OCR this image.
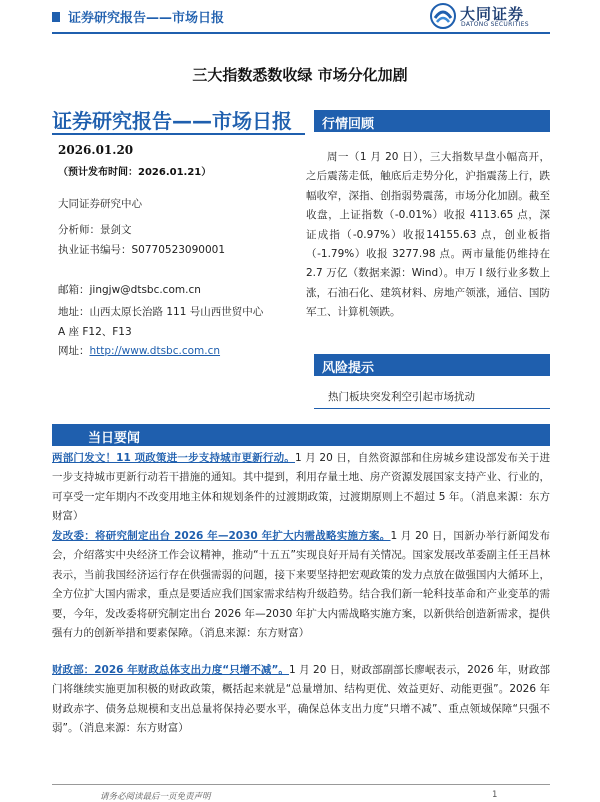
证券研究报告——市场日报	大同证券
DATONG SECURITIES
三大指数悉数收绿 市场分化加剧
证券研究报告——市场日报
2026.01.20
（预计发布时间：2026.01.21）
大同证券研究中心
分析师：景剑文
执业证书编号：S0770523090001
邮箱：jingjw@dtsbc.com.cn
地址：山西太原长治路 111 号山西世贸中心
A 座 F12、F13
网址：http://www.dtsbc.com.cn
行情回顾
周一（1 月 20 日），三大指数早盘小幅高开，之后震荡走低，触底后走势分化，沪指震荡上行，跌幅收窄，深指、创指弱势震荡，市场分化加剧。截至收盘，上证指数（-0.01%）收报 4113.65 点，深证成指（-0.97%）收报14155.63 点，创业板指（-1.79%）收报 3277.98 点。两市量能仍维持在 2.7 万亿（数据来源：Wind）。申万 I 级行业多数上涨，石油石化、建筑材料、房地产领涨，通信、国防军工、计算机领跌。
风险提示
热门板块突发利空引起市场扰动
当日要闻
两部门发文！11 项政策进一步支持城市更新行动。1 月 20 日，自然资源部和住房城乡建设部发布关于进一步支持城市更新行动若干措施的通知。其中提到，利用存量土地、房产资源发展国家支持产业、行业的，可享受一定年期内不改变用地主体和规划条件的过渡期政策，过渡期原则上不超过 5 年。（消息来源：东方财富）
发改委：将研究制定出台 2026 年—2030 年扩大内需战略实施方案。1 月 20 日，国新办举行新闻发布会，介绍落实中央经济工作会议精神，推动“十五五”实现良好开局有关情况。国家发展改革委副主任王昌林表示，当前我国经济运行存在供强需弱的问题，接下来要坚持把宏观政策的发力点放在做强国内大循环上，全方位扩大国内需求，重点是要适应我们国家需求结构升级趋势。结合我们新一轮科技革命和产业变革的需要，今年，发改委将研究制定出台 2026 年—2030 年扩大内需战略实施方案，以新供给创造新需求，提供强有力的创新举措和要素保障。（消息来源：东方财富）
财政部：2026 年财政总体支出力度“只增不减”。1 月 20 日，财政部副部长廖岷表示，2026 年，财政部门将继续实施更加积极的财政政策，概括起来就是“总量增加、结构更优、效益更好、动能更强”。2026 年财政赤字、债务总规模和支出总量将保持必要水平，确保总体支出力度“只增不减”、重点领域保障“只强不弱”。（消息来源：东方财富）
请务必阅读最后一页免责声明	1
